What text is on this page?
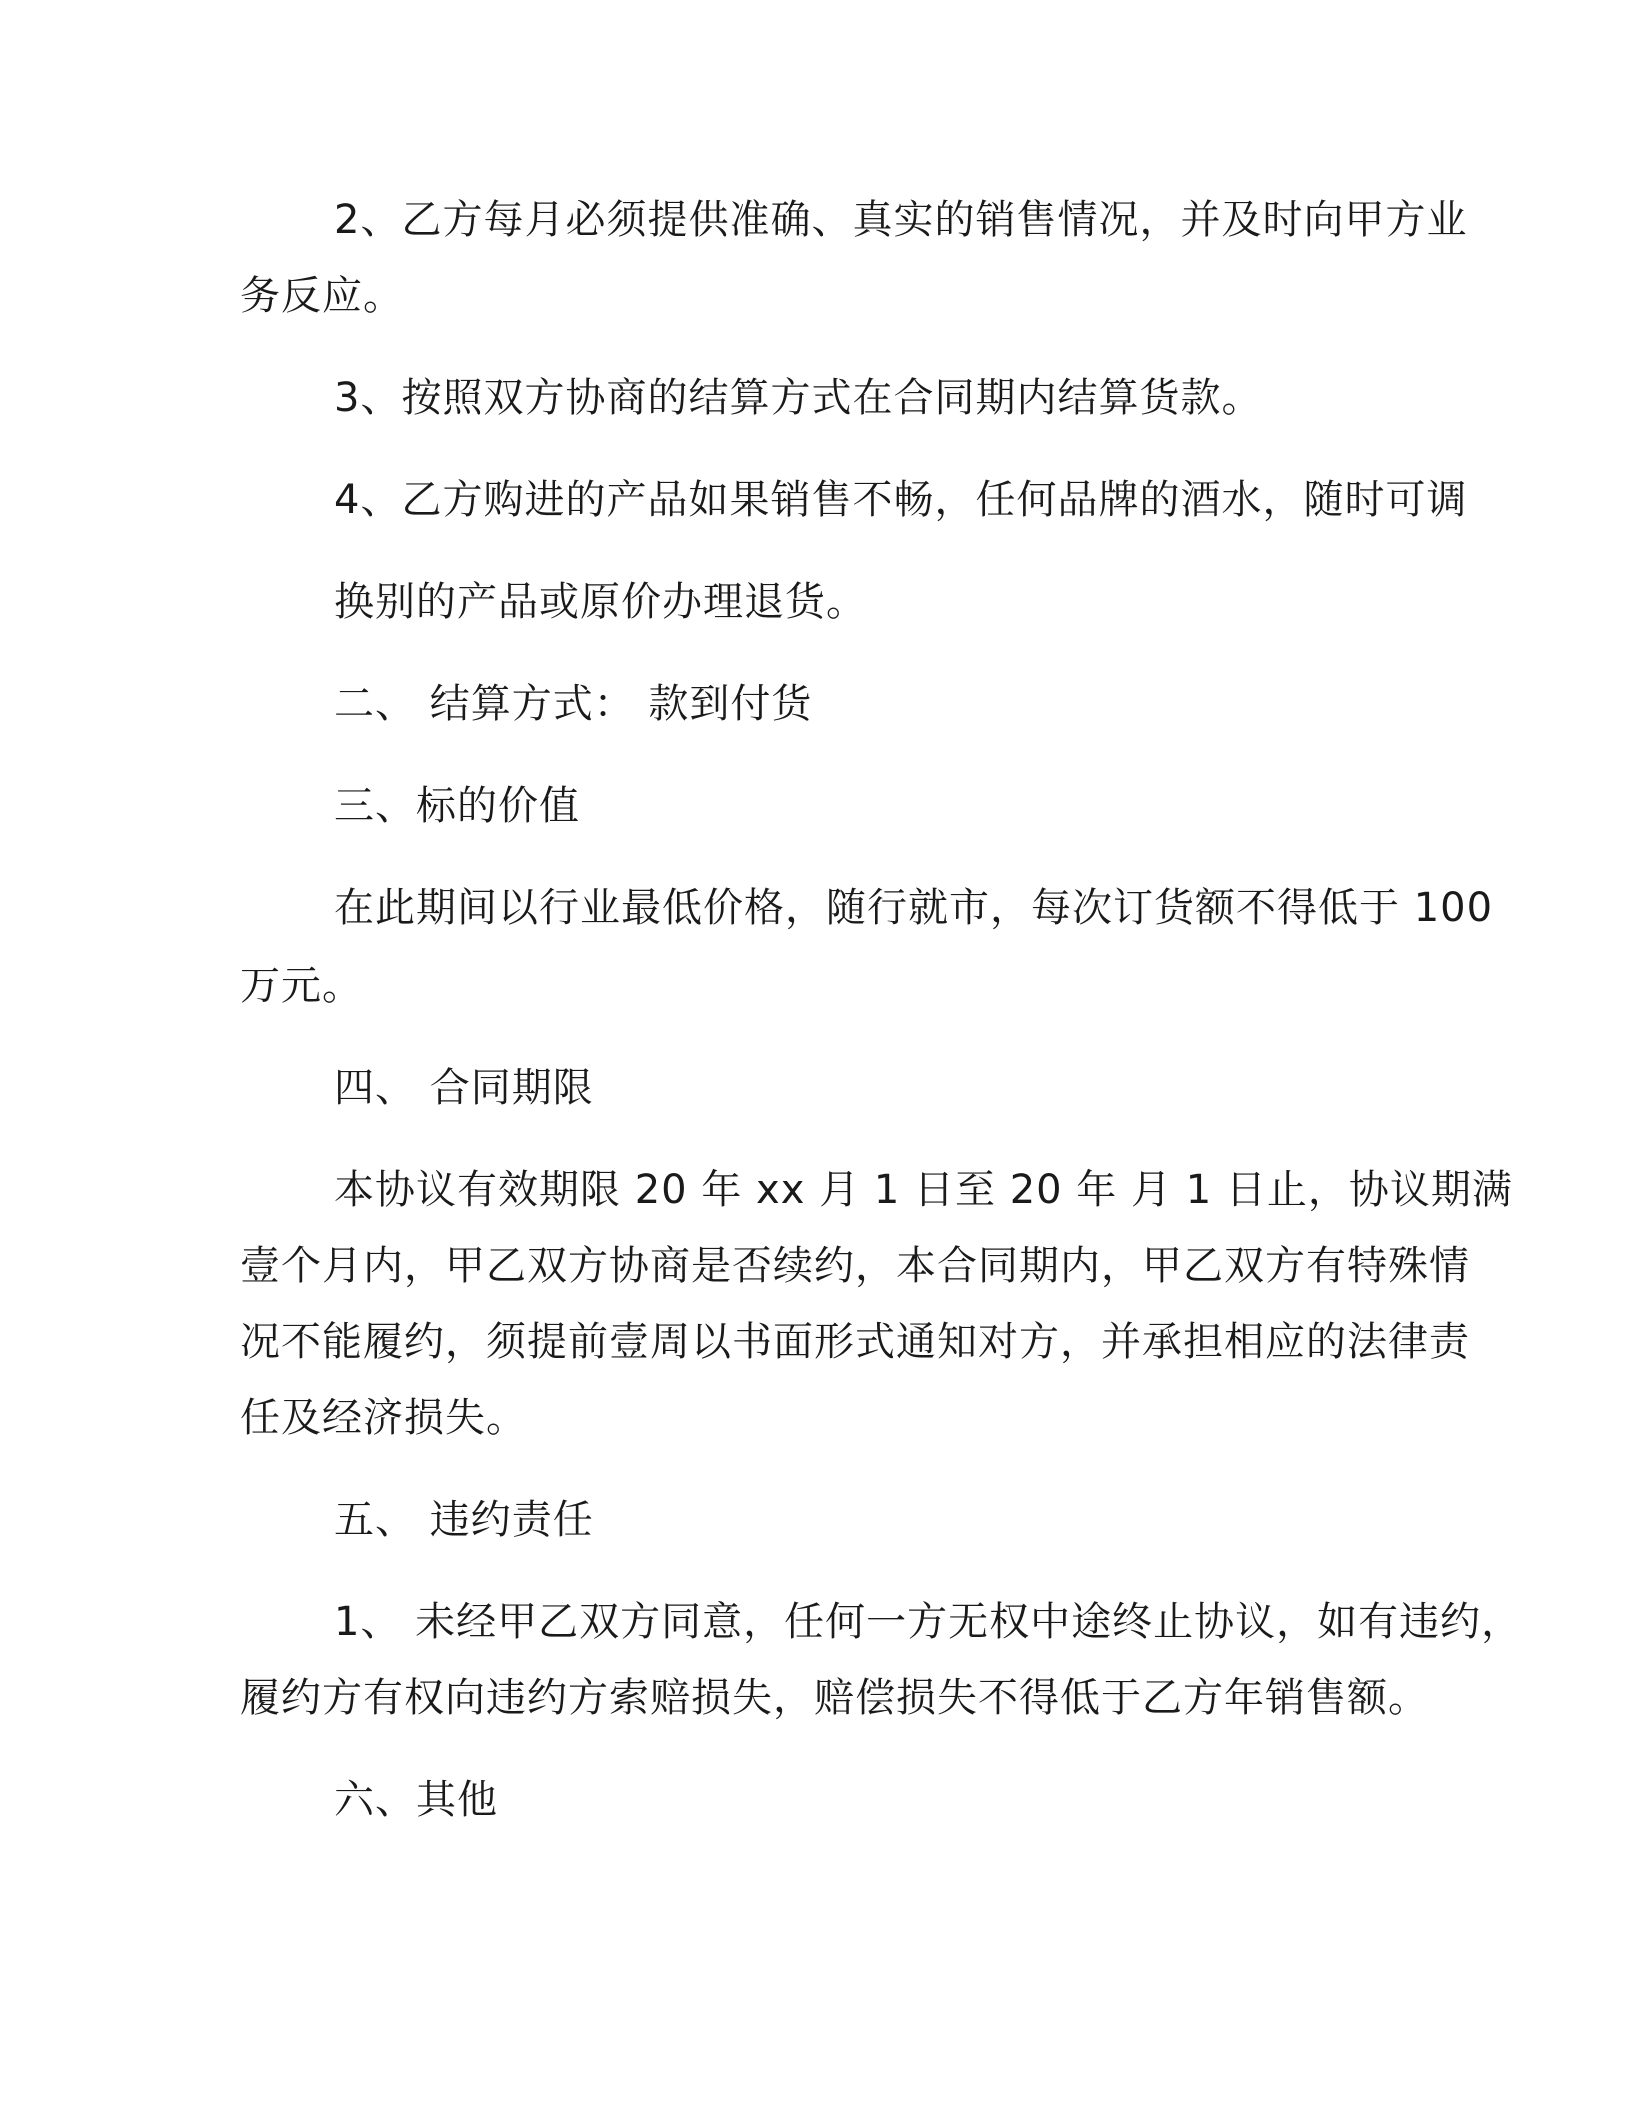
2、乙方每月必须提供准确、真实的销售情况，并及时向甲方业
务反应。
3、按照双方协商的结算方式在合同期内结算货款。
4、乙方购进的产品如果销售不畅，任何品牌的酒水，随时可调
换别的产品或原价办理退货。
二、 结算方式： 款到付货
三、标的价值
在此期间以行业最低价格，随行就市，每次订货额不得低于 100
万元。
四、 合同期限
本协议有效期限 20 年 xx 月 1 日至 20 年 月 1 日止，协议期满
壹个月内，甲乙双方协商是否续约，本合同期内，甲乙双方有特殊情
况不能履约，须提前壹周以书面形式通知对方，并承担相应的法律责
任及经济损失。
五、 违约责任
1、 未经甲乙双方同意，任何一方无权中途终止协议，如有违约，
履约方有权向违约方索赔损失，赔偿损失不得低于乙方年销售额。
六、其他
